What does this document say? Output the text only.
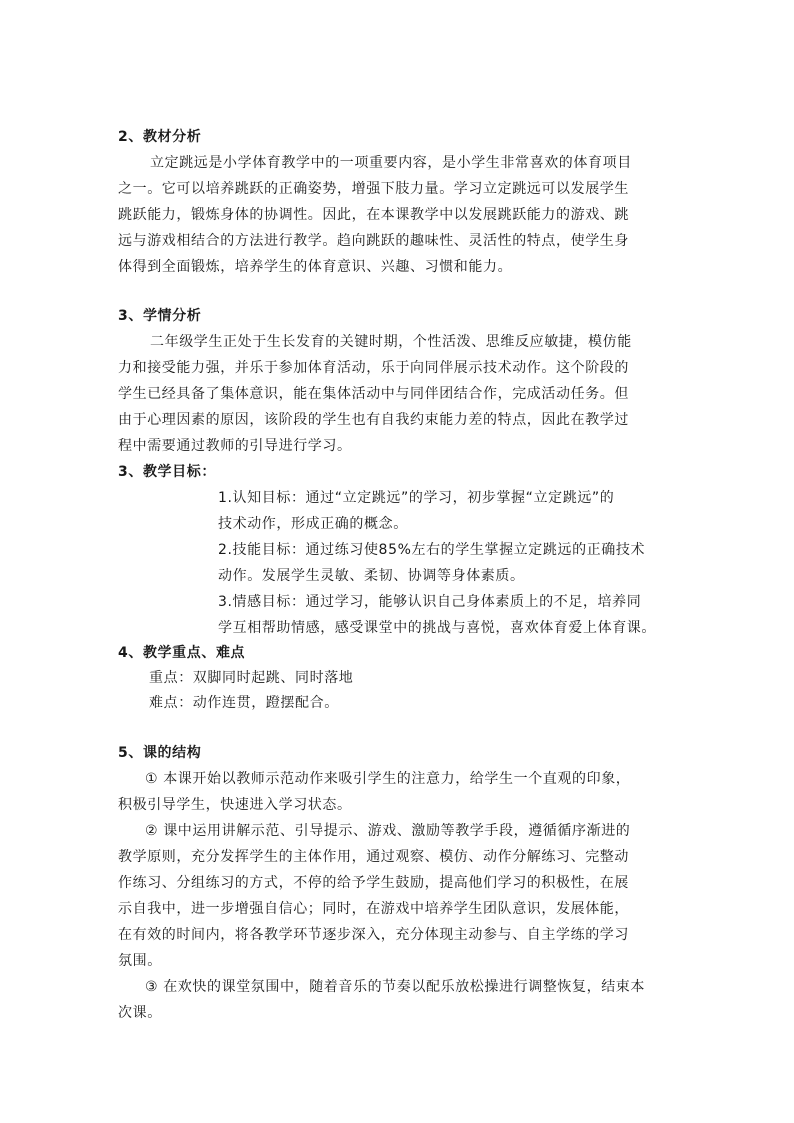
2、教材分析
立定跳远是小学体育教学中的一项重要内容，是小学生非常喜欢的体育项目
之一。它可以培养跳跃的正确姿势，增强下肢力量。学习立定跳远可以发展学生
跳跃能力，锻炼身体的协调性。因此，在本课教学中以发展跳跃能力的游戏、跳
远与游戏相结合的方法进行教学。趋向跳跃的趣味性、灵活性的特点，使学生身
体得到全面锻炼，培养学生的体育意识、兴趣、习惯和能力。
3、学情分析
二年级学生正处于生长发育的关键时期，个性活泼、思维反应敏捷，模仿能
力和接受能力强，并乐于参加体育活动，乐于向同伴展示技术动作。这个阶段的
学生已经具备了集体意识，能在集体活动中与同伴团结合作，完成活动任务。但
由于心理因素的原因，该阶段的学生也有自我约束能力差的特点，因此在教学过
程中需要通过教师的引导进行学习。
3、教学目标：
1.认知目标：通过“立定跳远”的学习，初步掌握“立定跳远”的
技术动作，形成正确的概念。
2.技能目标：通过练习使85%左右的学生掌握立定跳远的正确技术
动作。发展学生灵敏、柔韧、协调等身体素质。
3.情感目标：通过学习，能够认识自己身体素质上的不足，培养同
学互相帮助情感，感受课堂中的挑战与喜悦，喜欢体育爱上体育课。
4、教学重点、难点
重点：双脚同时起跳、同时落地
难点：动作连贯，蹬摆配合。
5、课的结构
① 本课开始以教师示范动作来吸引学生的注意力，给学生一个直观的印象，
积极引导学生，快速进入学习状态。
② 课中运用讲解示范、引导提示、游戏、激励等教学手段，遵循循序渐进的
教学原则，充分发挥学生的主体作用，通过观察、模仿、动作分解练习、完整动
作练习、分组练习的方式，不停的给予学生鼓励，提高他们学习的积极性，在展
示自我中，进一步增强自信心；同时，在游戏中培养学生团队意识，发展体能，
在有效的时间内，将各教学环节逐步深入，充分体现主动参与、自主学练的学习
氛围。
③ 在欢快的课堂氛围中，随着音乐的节奏以配乐放松操进行调整恢复，结束本
次课。
